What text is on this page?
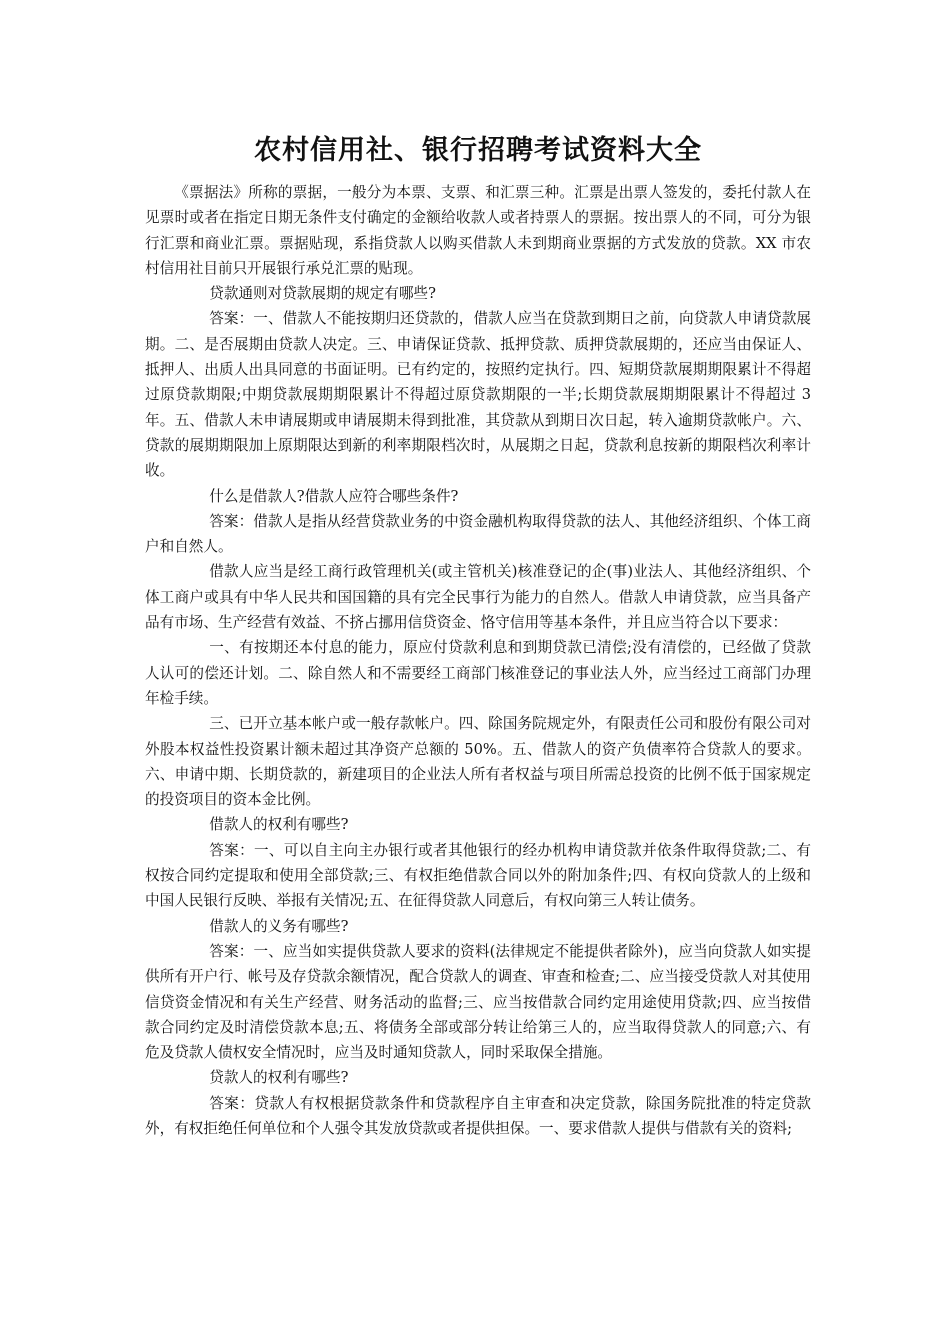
农村信用社、银行招聘考试资料大全

《票据法》所称的票据，一般分为本票、支票、和汇票三种。汇票是出票人签发的，委托付款人在见票时或者在指定日期无条件支付确定的金额给收款人或者持票人的票据。按出票人的不同，可分为银行汇票和商业汇票。票据贴现，系指贷款人以购买借款人未到期商业票据的方式发放的贷款。XX 市农村信用社目前只开展银行承兑汇票的贴现。

贷款通则对贷款展期的规定有哪些?

答案：一、借款人不能按期归还贷款的，借款人应当在贷款到期日之前，向贷款人申请贷款展期。二、是否展期由贷款人决定。三、申请保证贷款、抵押贷款、质押贷款展期的，还应当由保证人、抵押人、出质人出具同意的书面证明。已有约定的，按照约定执行。四、短期贷款展期期限累计不得超过原贷款期限;中期贷款展期期限累计不得超过原贷款期限的一半;长期贷款展期期限累计不得超过 3 年。五、借款人未申请展期或申请展期未得到批准，其贷款从到期日次日起，转入逾期贷款帐户。六、贷款的展期期限加上原期限达到新的利率期限档次时，从展期之日起，贷款利息按新的期限档次利率计收。

什么是借款人?借款人应符合哪些条件?

答案：借款人是指从经营贷款业务的中资金融机构取得贷款的法人、其他经济组织、个体工商户和自然人。

借款人应当是经工商行政管理机关(或主管机关)核准登记的企(事)业法人、其他经济组织、个体工商户或具有中华人民共和国国籍的具有完全民事行为能力的自然人。借款人申请贷款，应当具备产品有市场、生产经营有效益、不挤占挪用信贷资金、恪守信用等基本条件，并且应当符合以下要求：

一、有按期还本付息的能力，原应付贷款利息和到期贷款已清偿;没有清偿的，已经做了贷款人认可的偿还计划。二、除自然人和不需要经工商部门核准登记的事业法人外，应当经过工商部门办理年检手续。

三、已开立基本帐户或一般存款帐户。四、除国务院规定外，有限责任公司和股份有限公司对外股本权益性投资累计额未超过其净资产总额的 50%。五、借款人的资产负债率符合贷款人的要求。六、申请中期、长期贷款的，新建项目的企业法人所有者权益与项目所需总投资的比例不低于国家规定的投资项目的资本金比例。

借款人的权利有哪些?

答案：一、可以自主向主办银行或者其他银行的经办机构申请贷款并依条件取得贷款;二、有权按合同约定提取和使用全部贷款;三、有权拒绝借款合同以外的附加条件;四、有权向贷款人的上级和中国人民银行反映、举报有关情况;五、在征得贷款人同意后，有权向第三人转让债务。

借款人的义务有哪些?

答案：一、应当如实提供贷款人要求的资料(法律规定不能提供者除外)，应当向贷款人如实提供所有开户行、帐号及存贷款余额情况，配合贷款人的调查、审查和检查;二、应当接受贷款人对其使用信贷资金情况和有关生产经营、财务活动的监督;三、应当按借款合同约定用途使用贷款;四、应当按借款合同约定及时清偿贷款本息;五、将债务全部或部分转让给第三人的，应当取得贷款人的同意;六、有危及贷款人债权安全情况时，应当及时通知贷款人，同时采取保全措施。

贷款人的权利有哪些?

答案：贷款人有权根据贷款条件和贷款程序自主审查和决定贷款，除国务院批准的特定贷款外，有权拒绝任何单位和个人强令其发放贷款或者提供担保。一、要求借款人提供与借款有关的资料;
